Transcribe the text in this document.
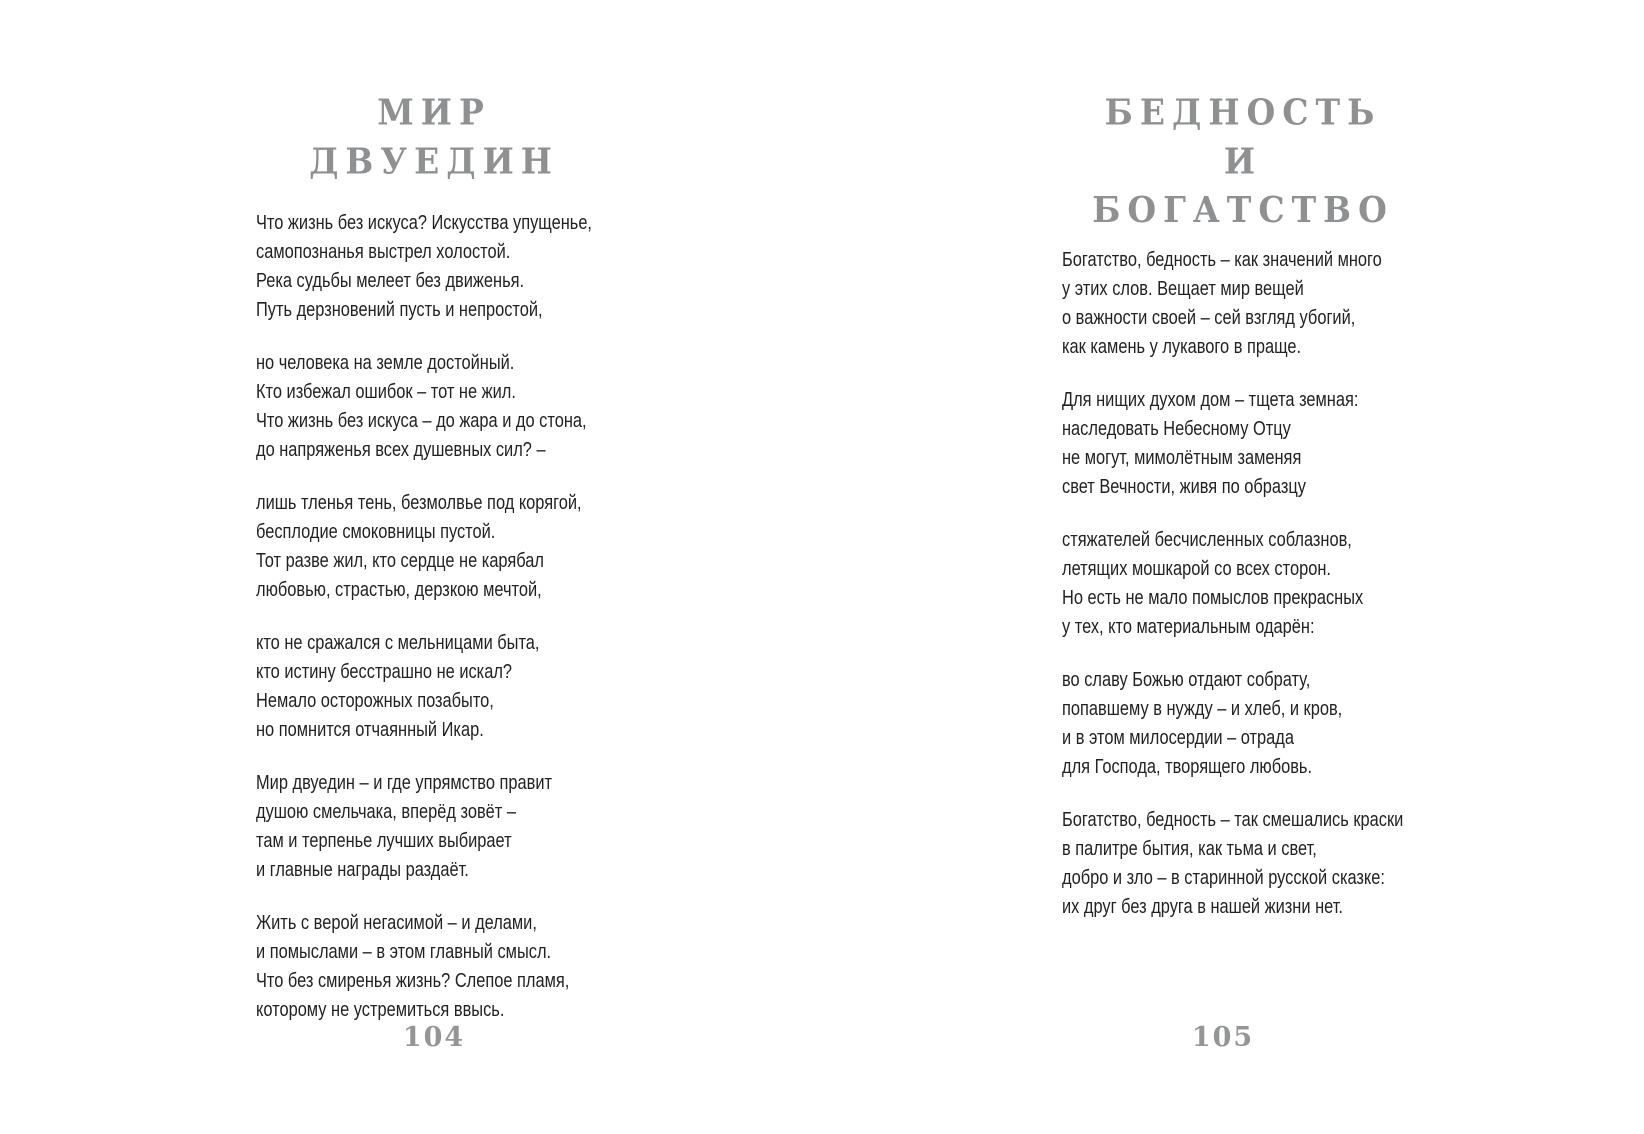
МИР ДВУЕДИН
Что жизнь без искуса? Искусства упущенье,
самопознанья выстрел холостой.
Река судьбы мелеет без движенья.
Путь дерзновений пусть и непростой,
но человека на земле достойный.
Кто избежал ошибок – тот не жил.
Что жизнь без искуса – до жара и до стона,
до напряженья всех душевных сил? –
лишь тленья тень, безмолвье под корягой,
бесплодие смоковницы пустой.
Тот разве жил, кто сердце не карябал
любовью, страстью, дерзкою мечтой,
кто не сражался с мельницами быта,
кто истину бесстрашно не искал?
Немало осторожных позабыто,
но помнится отчаянный Икар.
Мир двуедин – и где упрямство правит
душою смельчака, вперёд зовёт –
там и терпенье лучших выбирает
и главные награды раздаёт.
Жить с верой негасимой – и делами,
и помыслами – в этом главный смысл.
Что без смиренья жизнь? Слепое пламя,
которому не устремиться ввысь.
БЕДНОСТЬ
И БОГАТСТВО
Богатство, бедность – как значений много
у этих слов. Вещает мир вещей
о важности своей – сей взгляд убогий,
как камень у лукавого в праще.
Для нищих духом дом – тщета земная:
наследовать Небесному Отцу
не могут, мимолётным заменяя
свет Вечности, живя по образцу
стяжателей бесчисленных соблазнов,
летящих мошкарой со всех сторон.
Но есть не мало помыслов прекрасных
у тех, кто материальным одарён:
во славу Божью отдают собрату,
попавшему в нужду – и хлеб, и кров,
и в этом милосердии – отрада
для Господа, творящего любовь.
Богатство, бедность – так смешались краски
в палитре бытия, как тьма и свет,
добро и зло – в старинной русской сказке:
их друг без друга в нашей жизни нет.
104	105
